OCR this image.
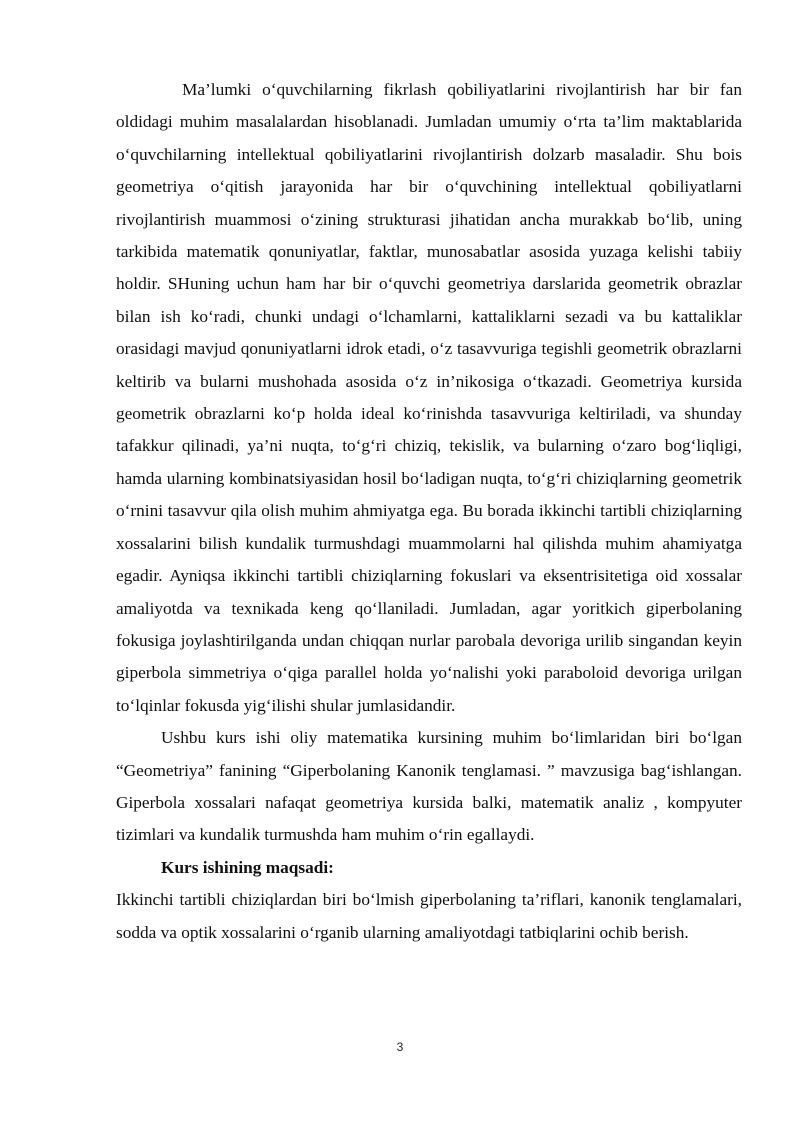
Ma’lumki o‘quvchilarning fikrlash qobiliyatlarini rivojlantirish har bir fan oldidagi muhim masalalardan hisoblanadi. Jumladan umumiy o‘rta ta’lim maktablarida o‘quvchilarning intellektual qobiliyatlarini rivojlantirish dolzarb masaladir. Shu bois geometriya o‘qitish jarayonida har bir o‘quvchining intellektual qobiliyatlarni rivojlantirish muammosi o‘zining strukturasi jihatidan ancha murakkab bo‘lib, uning tarkibida matematik qonuniyatlar, faktlar, munosabatlar asosida yuzaga kelishi tabiiy holdir. SHuning uchun ham har bir o‘quvchi geometriya darslarida geometrik obrazlar bilan ish ko‘radi, chunki undagi o‘lchamlarni, kattaliklarni sezadi va bu kattaliklar orasidagi mavjud qonuniyatlarni idrok etadi, o‘z tasavvuriga tegishli geometrik obrazlarni keltirib va bularni mushohada asosida o‘z in’nikosiga o‘tkazadi. Geometriya kursida geometrik obrazlarni ko‘p holda ideal ko‘rinishda tasavvuriga keltiriladi, va shunday tafakkur qilinadi, ya’ni nuqta, to‘g‘ri chiziq, tekislik, va bularning o‘zaro bog‘liqligi, hamda ularning kombinatsiyasidan hosil bo‘ladigan nuqta, to‘g‘ri chiziqlarning geometrik o‘rnini tasavvur qila olish muhim ahmiyatga ega. Bu borada ikkinchi tartibli chiziqlarning xossalarini bilish kundalik turmushdagi muammolarni hal qilishda muhim ahamiyatga egadir. Ayniqsa ikkinchi tartibli chiziqlarning fokuslari va eksentrisitetiga oid xossalar amaliyotda va texnikada keng qo‘llaniladi. Jumladan, agar yoritkich giperbolaning fokusiga joylashtirilganda undan chiqqan nurlar parobala devoriga urilib singandan keyin giperbola simmetriya o‘qiga parallel holda yo‘nalishi yoki paraboloid devoriga urilgan to‘lqinlar fokusda yig‘ilishi shular jumlasidandir.

Ushbu kurs ishi oliy matematika kursining muhim bo‘limlaridan biri bo‘lgan “Geometriya” fanining “Giperbolaning Kanonik tenglamasi. ” mavzusiga bag‘ishlangan. Giperbola xossalari nafaqat geometriya kursida balki, matematik analiz , kompyuter tizimlari va kundalik turmushda ham muhim o‘rin egallaydi.

Kurs ishining maqsadi:

Ikkinchi tartibli chiziqlardan biri bo‘lmish giperbolaning ta’riflari, kanonik tenglamalari, sodda va optik xossalarini o‘rganib ularning amaliyotdagi tatbiqlarini ochib berish.

3
